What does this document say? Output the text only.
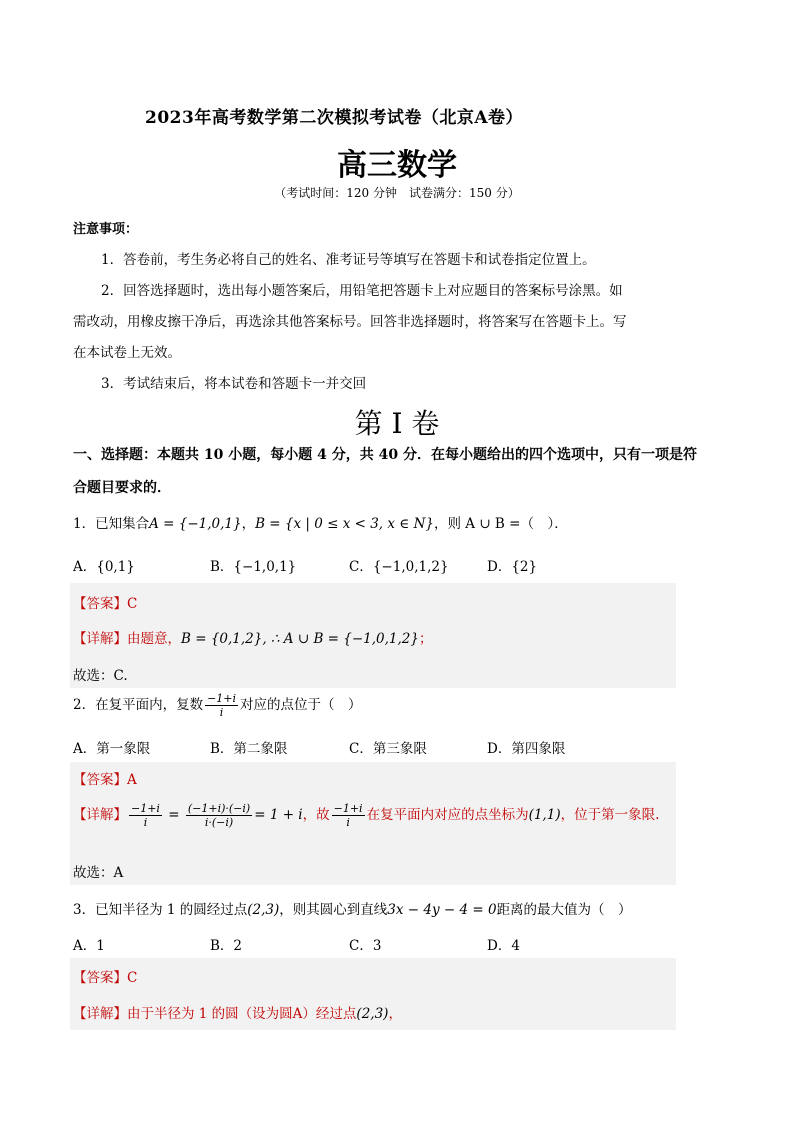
2023年高考数学第二次模拟考试卷（北京A卷）
高三数学
（考试时间：120 分钟　试卷满分：150 分）
注意事项：
1．答卷前，考生务必将自己的姓名、准考证号等填写在答题卡和试卷指定位置上。
2．回答选择题时，选出每小题答案后，用铅笔把答题卡上对应题目的答案标号涂黑。如
需改动，用橡皮擦干净后，再选涂其他答案标号。回答非选择题时，将答案写在答题卡上。写
在本试卷上无效。
3．考试结束后，将本试卷和答题卡一并交回
第 I 卷
一、选择题：本题共 10 小题，每小题 4 分，共 40 分．在每小题给出的四个选项中，只有一项是符
合题目要求的．
1．已知集合A = {−1,0,1}，B = {x | 0 ≤ x < 3, x ∈ N}，则 A ∪ B =（　）．
A．{0,1}	B．{−1,0,1}	C．{−1,0,1,2}	D．{2}
【答案】C
【详解】由题意，B = {0,1,2}, ∴ A ∪ B = {−1,0,1,2}；
故选：C.
2．在复平面内，复数 $\frac{-1+i}{i}$ 对应的点位于（　）
A．第一象限	B．第二象限	C．第三象限	D．第四象限
【答案】A
【详解】 $\frac{-1+i}{i} = \frac{(-1+i)\cdot(-i)}{i\cdot(-i)} = 1 + i$，故 $\frac{-1+i}{i}$ 在复平面内对应的点坐标为(1,1)，位于第一象限.
故选：A
3．已知半径为 1 的圆经过点(2,3)，则其圆心到直线3x − 4y − 4 = 0距离的最大值为（　）
A．1	B．2	C．3	D．4
【答案】C
【详解】由于半径为 1 的圆（设为圆A）经过点(2,3)，
